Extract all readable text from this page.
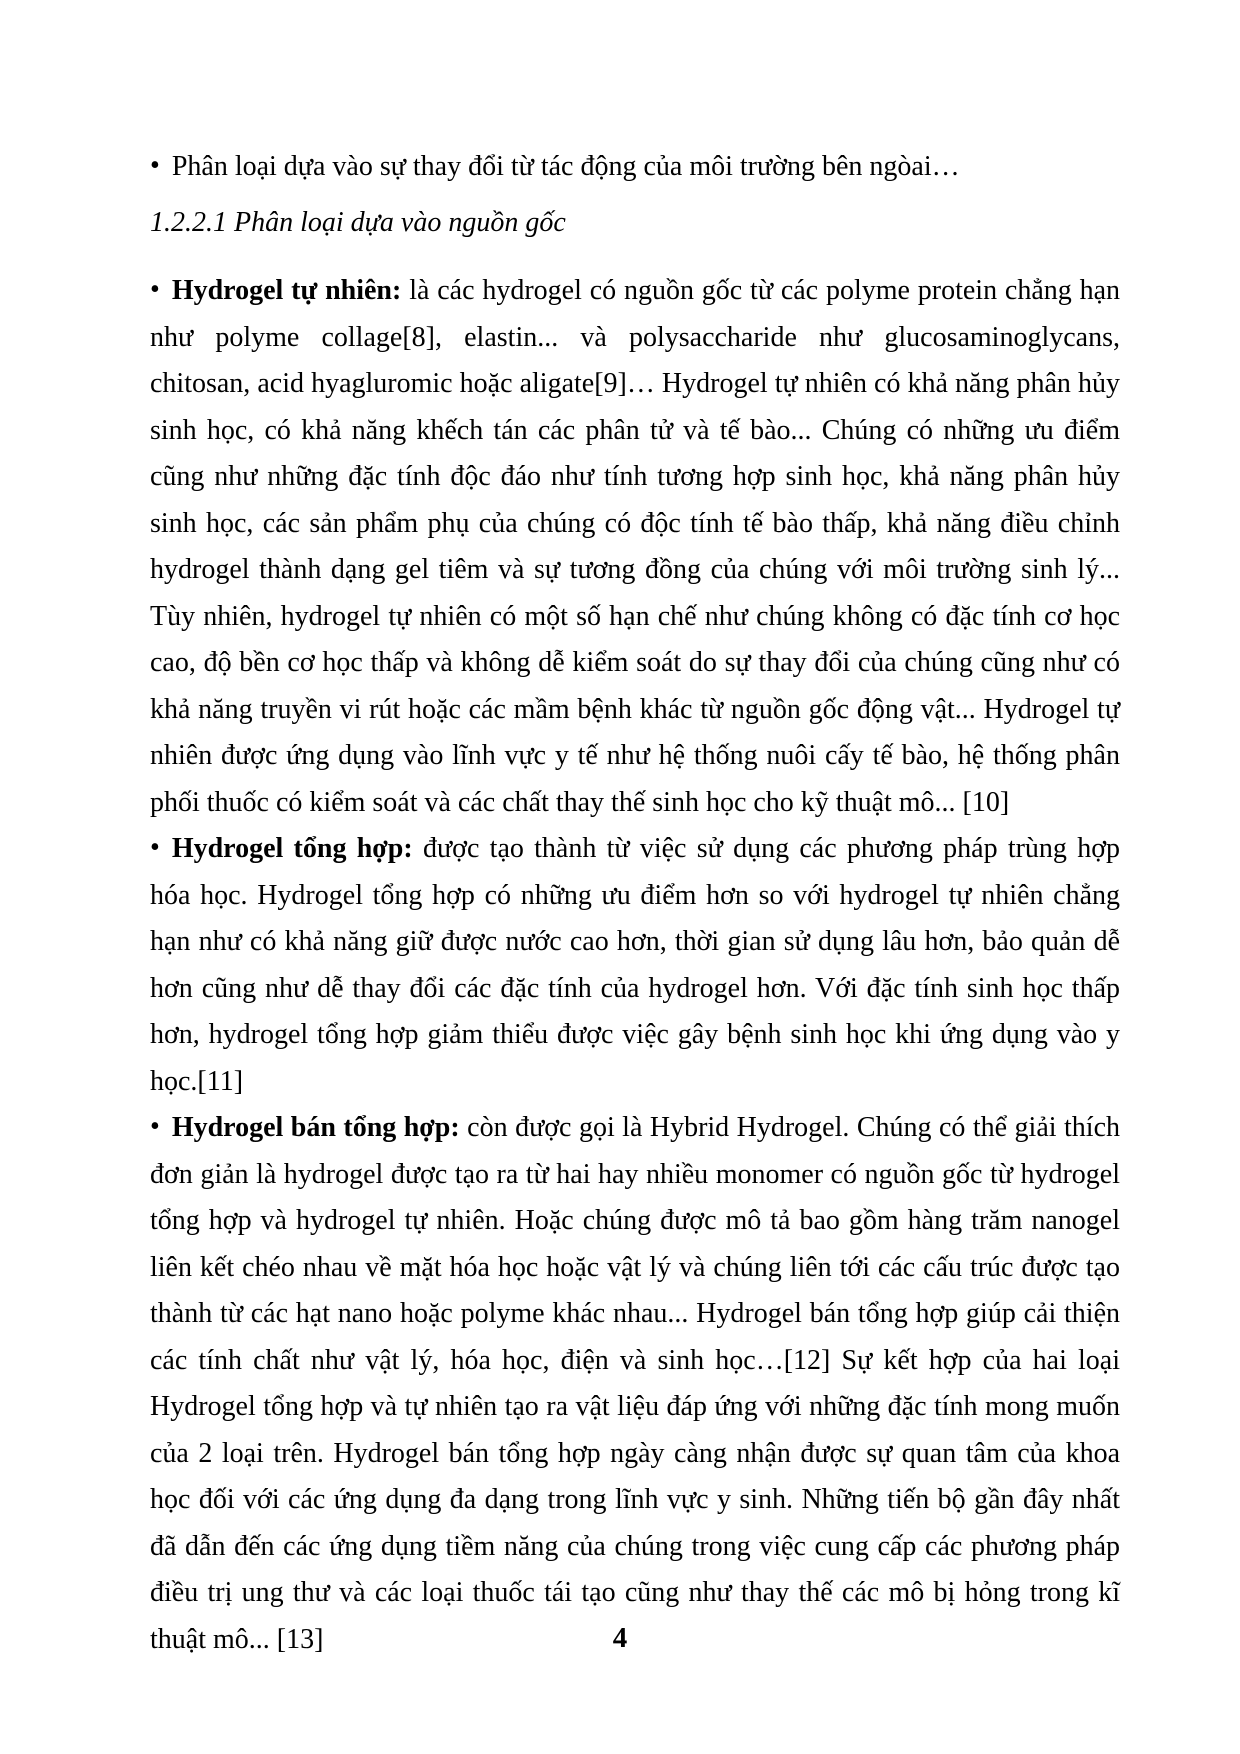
• Phân loại dựa vào sự thay đổi từ tác động của môi trường bên ngòai…

1.2.2.1 Phân loại dựa vào nguồn gốc

• Hydrogel tự nhiên: là các hydrogel có nguồn gốc từ các polyme protein chẳng hạn như polyme collage[8], elastin... và polysaccharide như glucosaminoglycans, chitosan, acid hyagluromic hoặc aligate[9]… Hydrogel tự nhiên có khả năng phân hủy sinh học, có khả năng khếch tán các phân tử và tế bào... Chúng có những ưu điểm cũng như những đặc tính độc đáo như tính tương hợp sinh học, khả năng phân hủy sinh học, các sản phẩm phụ của chúng có độc tính tế bào thấp, khả năng điều chỉnh hydrogel thành dạng gel tiêm và sự tương đồng của chúng với môi trường sinh lý... Tùy nhiên, hydrogel tự nhiên có một số hạn chế như chúng không có đặc tính cơ học cao, độ bền cơ học thấp và không dễ kiểm soát do sự thay đổi của chúng cũng như có khả năng truyền vi rút hoặc các mầm bệnh khác từ nguồn gốc động vật... Hydrogel tự nhiên được ứng dụng vào lĩnh vực y tế như hệ thống nuôi cấy tế bào, hệ thống phân phối thuốc có kiểm soát và các chất thay thế sinh học cho kỹ thuật mô... [10]

• Hydrogel tổng hợp: được tạo thành từ việc sử dụng các phương pháp trùng hợp hóa học. Hydrogel tổng hợp có những ưu điểm hơn so với hydrogel tự nhiên chẳng hạn như có khả năng giữ được nước cao hơn, thời gian sử dụng lâu hơn, bảo quản dễ hơn cũng như dễ thay đổi các đặc tính của hydrogel hơn. Với đặc tính sinh học thấp hơn, hydrogel tổng hợp giảm thiểu được việc gây bệnh sinh học khi ứng dụng vào y học.[11]

• Hydrogel bán tổng hợp: còn được gọi là Hybrid Hydrogel. Chúng có thể giải thích đơn giản là hydrogel được tạo ra từ hai hay nhiều monomer có nguồn gốc từ hydrogel tổng hợp và hydrogel tự nhiên. Hoặc chúng được mô tả bao gồm hàng trăm nanogel liên kết chéo nhau về mặt hóa học hoặc vật lý và chúng liên tới các cấu trúc được tạo thành từ các hạt nano hoặc polyme khác nhau... Hydrogel bán tổng hợp giúp cải thiện các tính chất như vật lý, hóa học, điện và sinh học…[12] Sự kết hợp của hai loại Hydrogel tổng hợp và tự nhiên tạo ra vật liệu đáp ứng với những đặc tính mong muốn của 2 loại trên. Hydrogel bán tổng hợp ngày càng nhận được sự quan tâm của khoa học đối với các ứng dụng đa dạng trong lĩnh vực y sinh. Những tiến bộ gần đây nhất đã dẫn đến các ứng dụng tiềm năng của chúng trong việc cung cấp các phương pháp điều trị ung thư và các loại thuốc tái tạo cũng như thay thế các mô bị hỏng trong kĩ thuật mô... [13]	4
